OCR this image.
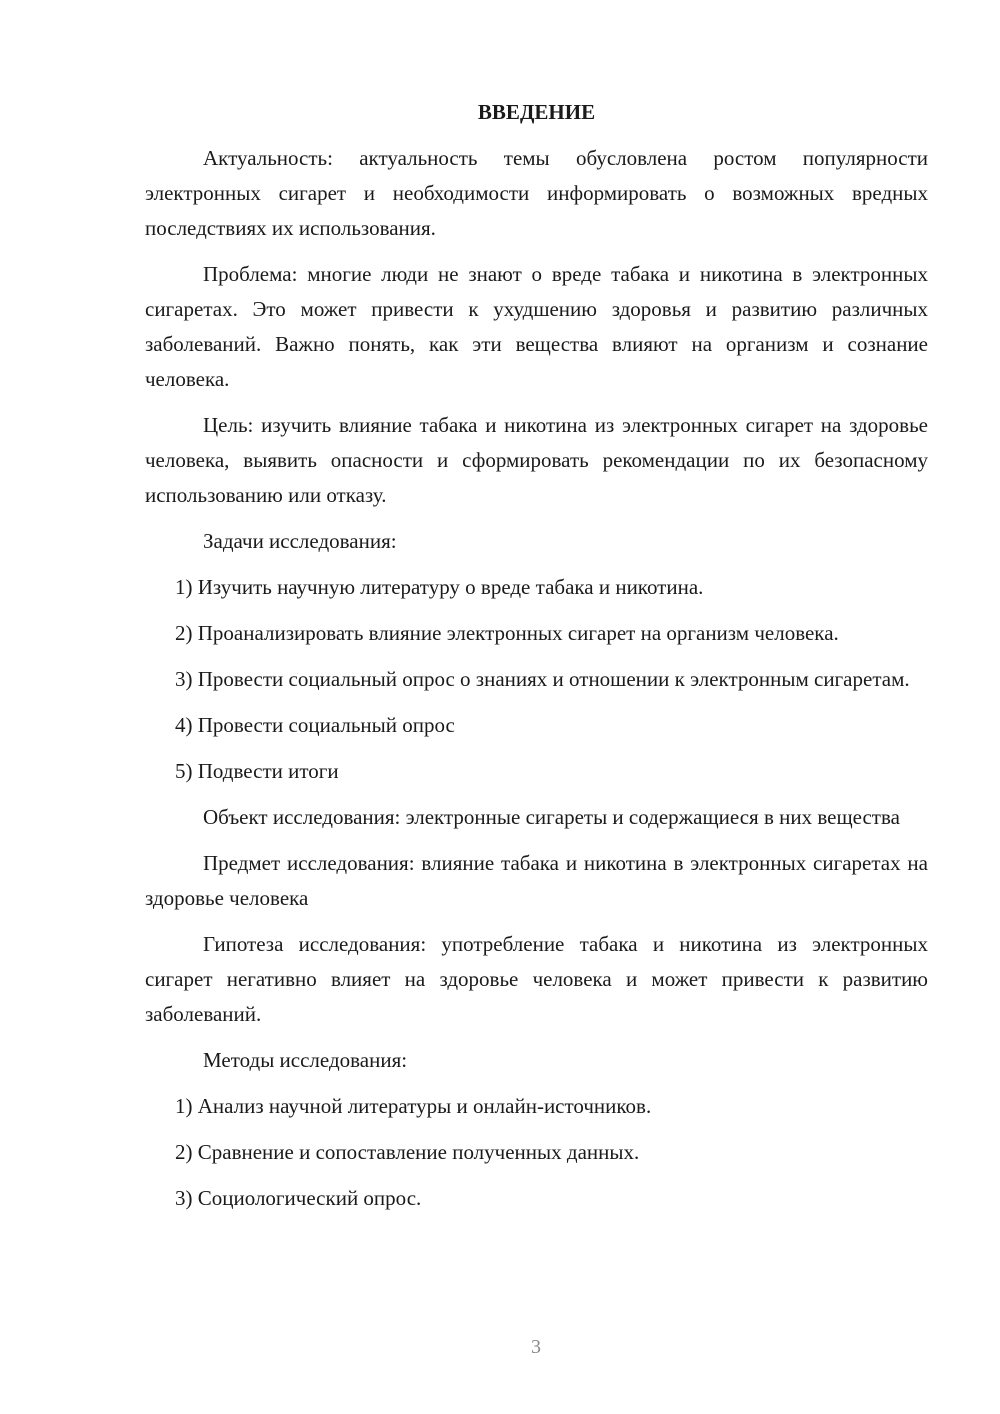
ВВЕДЕНИЕ

Актуальность: актуальность темы обусловлена ростом популярности электронных сигарет и необходимости информировать о возможных вредных последствиях их использования.

Проблема: многие люди не знают о вреде табака и никотина в электронных сигаретах. Это может привести к ухудшению здоровья и развитию различных заболеваний. Важно понять, как эти вещества влияют на организм и сознание человека.

Цель: изучить влияние табака и никотина из электронных сигарет на здоровье человека, выявить опасности и сформировать рекомендации по их безопасному использованию или отказу.

Задачи исследования:

1) Изучить научную литературу о вреде табака и никотина.

2) Проанализировать влияние электронных сигарет на организм человека.

3) Провести социальный опрос о знаниях и отношении к электронным сигаретам.

4) Провести социальный опрос

5) Подвести итоги

Объект исследования: электронные сигареты и содержащиеся в них вещества

Предмет исследования: влияние табака и никотина в электронных сигаретах на здоровье человека

Гипотеза исследования: употребление табака и никотина из электронных сигарет негативно влияет на здоровье человека и может привести к развитию заболеваний.

Методы исследования:

1) Анализ научной литературы и онлайн-источников.

2) Сравнение и сопоставление полученных данных.

3) Социологический опрос.

3
